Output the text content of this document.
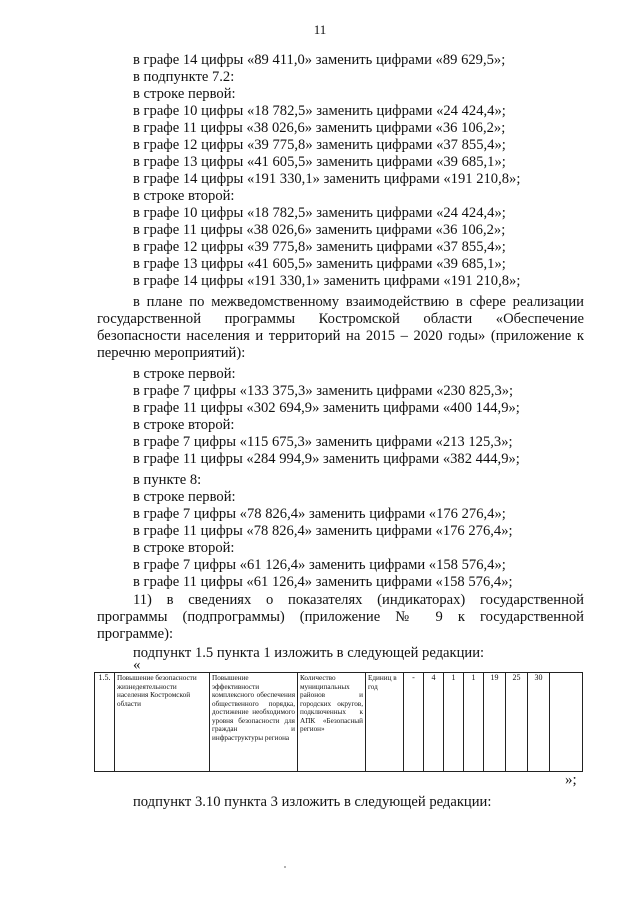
11
в графе 14 цифры «89 411,0» заменить цифрами «89 629,5»;
в подпункте 7.2:
в строке первой:
в графе 10 цифры «18 782,5» заменить цифрами «24 424,4»;
в графе 11 цифры «38 026,6» заменить цифрами «36 106,2»;
в графе 12 цифры «39 775,8» заменить цифрами «37 855,4»;
в графе 13 цифры «41 605,5» заменить цифрами «39 685,1»;
в графе 14 цифры «191 330,1» заменить цифрами «191 210,8»;
в строке второй:
в графе 10 цифры «18 782,5» заменить цифрами «24 424,4»;
в графе 11 цифры «38 026,6» заменить цифрами «36 106,2»;
в графе 12 цифры «39 775,8» заменить цифрами «37 855,4»;
в графе 13 цифры «41 605,5» заменить цифрами «39 685,1»;
в графе 14 цифры «191 330,1» заменить цифрами «191 210,8»;
в плане по межведомственному взаимодействию в сфере реализации
государственной программы Костромской области «Обеспечение
безопасности населения и территорий на 2015 – 2020 годы» (приложение к
перечню мероприятий):
в строке первой:
в графе 7 цифры «133 375,3» заменить цифрами «230 825,3»;
в графе 11 цифры «302 694,9» заменить цифрами «400 144,9»;
в строке второй:
в графе 7 цифры «115 675,3» заменить цифрами «213 125,3»;
в графе 11 цифры «284 994,9» заменить цифрами «382 444,9»;
в пункте 8:
в строке первой:
в графе 7 цифры «78 826,4» заменить цифрами «176 276,4»;
в графе 11 цифры «78 826,4» заменить цифрами «176 276,4»;
в строке второй:
в графе 7 цифры «61 126,4» заменить цифрами «158 576,4»;
в графе 11 цифры «61 126,4» заменить цифрами «158 576,4»;
11) в сведениях о показателях (индикаторах) государственной
программы (подпрограммы) (приложение № 9 к государственной
программе):
подпункт 1.5 пункта 1 изложить в следующей редакции:
«
1.5.	Повышение безопасности жизнедеятельности населения Костромской области	Повышение эффективности комплексного обеспечения общественного порядка, достижение необходимого уровня безопасности для граждан и инфраструктуры региона	Количество муниципальных районов и городских округов, подключенных к АПК «Безопасный регион»	Единиц в год	-	4	1	1	19	25	30	
»;
подпункт 3.10 пункта 3 изложить в следующей редакции:
